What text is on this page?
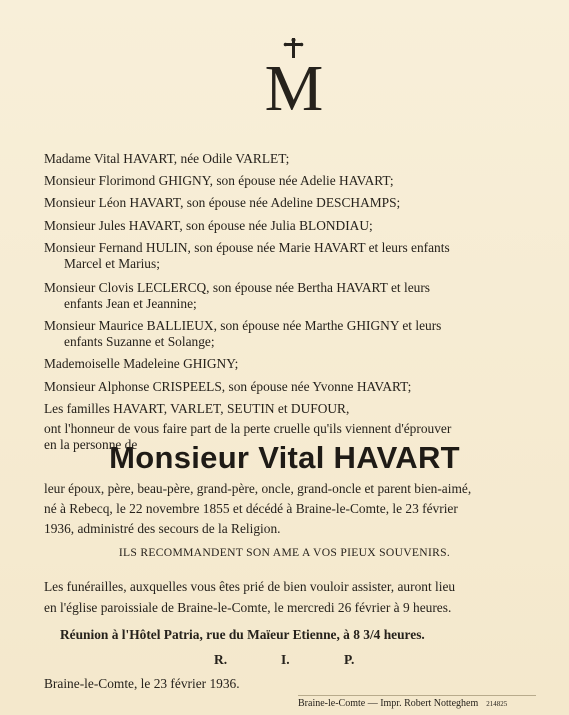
M
Madame Vital HAVART, née Odile VARLET;
Monsieur Florimond GHIGNY, son épouse née Adelie HAVART;
Monsieur Léon HAVART, son épouse née Adeline DESCHAMPS;
Monsieur Jules HAVART, son épouse née Julia BLONDIAU;
Monsieur Fernand HULIN, son épouse née Marie HAVART et leurs enfants
Marcel et Marius;
Monsieur Clovis LECLERCQ, son épouse née Bertha HAVART et leurs
enfants Jean et Jeannine;
Monsieur Maurice BALLIEUX, son épouse née Marthe GHIGNY et leurs
enfants Suzanne et Solange;
Mademoiselle Madeleine GHIGNY;
Monsieur Alphonse CRISPEELS, son épouse née Yvonne HAVART;
Les familles HAVART, VARLET, SEUTIN et DUFOUR,
ont l'honneur de vous faire part de la perte cruelle qu'ils viennent d'éprouver
en la personne de
Monsieur Vital HAVART
leur époux, père, beau-père, grand-père, oncle, grand-oncle et parent bien-aimé,
né à Rebecq, le 22 novembre 1855 et décédé à Braine-le-Comte, le 23 février
1936, administré des secours de la Religion.
ILS RECOMMANDENT SON AME A VOS PIEUX SOUVENIRS.
Les funérailles, auxquelles vous êtes prié de bien vouloir assister, auront lieu
en l'église paroissiale de Braine-le-Comte, le mercredi 26 février à 9 heures.
Réunion à l'Hôtel Patria, rue du Maïeur Etienne, à 8 3/4 heures.
R.	I.	P.
Braine-le-Comte, le 23 février 1936.
Braine-le-Comte — Impr. Robert Notteghem 214825
